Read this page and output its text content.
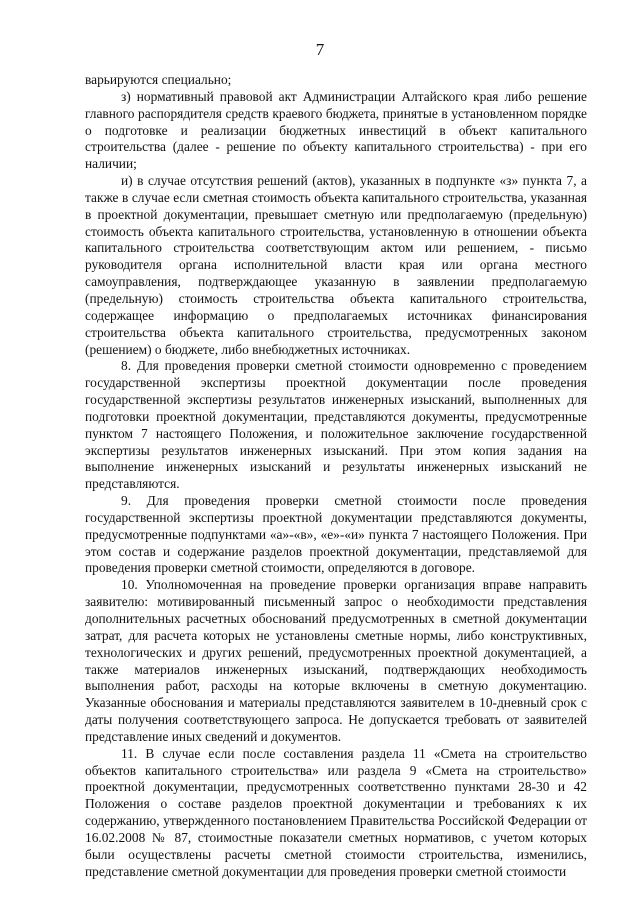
7

варьируются специально;

з) нормативный правовой акт Администрации Алтайского края либо решение главного распорядителя средств краевого бюджета, принятые в установленном порядке о подготовке и реализации бюджетных инвестиций в объект капитального строительства (далее - решение по объекту капитального строительства) - при его наличии;

и) в случае отсутствия решений (актов), указанных в подпункте «з» пункта 7, а также в случае если сметная стоимость объекта капитального строительства, указанная в проектной документации, превышает сметную или предполагаемую (предельную) стоимость объекта капитального строительства, установленную в отношении объекта капитального строительства соответствующим актом или решением, - письмо руководителя органа исполнительной власти края или органа местного самоуправления, подтверждающее указанную в заявлении предполагаемую (предельную) стоимость строительства объекта капитального строительства, содержащее информацию о предполагаемых источниках финансирования строительства объекта капитального строительства, предусмотренных законом (решением) о бюджете, либо внебюджетных источниках.

8. Для проведения проверки сметной стоимости одновременно с проведением государственной экспертизы проектной документации после проведения государственной экспертизы результатов инженерных изысканий, выполненных для подготовки проектной документации, представляются документы, предусмотренные пунктом 7 настоящего Положения, и положительное заключение государственной экспертизы результатов инженерных изысканий. При этом копия задания на выполнение инженерных изысканий и результаты инженерных изысканий не представляются.

9. Для проведения проверки сметной стоимости после проведения государственной экспертизы проектной документации представляются документы, предусмотренные подпунктами «а»-«в», «е»-«и» пункта 7 настоящего Положения. При этом состав и содержание разделов проектной документации, представляемой для проведения проверки сметной стоимости, определяются в договоре.

10. Уполномоченная на проведение проверки организация вправе направить заявителю: мотивированный письменный запрос о необходимости представления дополнительных расчетных обоснований предусмотренных в сметной документации затрат, для расчета которых не установлены сметные нормы, либо конструктивных, технологических и других решений, предусмотренных проектной документацией, а также материалов инженерных изысканий, подтверждающих необходимость выполнения работ, расходы на которые включены в сметную документацию. Указанные обоснования и материалы представляются заявителем в 10-дневный срок с даты получения соответствующего запроса. Не допускается требовать от заявителей представление иных сведений и документов.

11. В случае если после составления раздела 11 «Смета на строительство объектов капитального строительства» или раздела 9 «Смета на строительство» проектной документации, предусмотренных соответственно пунктами 28-30 и 42 Положения о составе разделов проектной документации и требованиях к их содержанию, утвержденного постановлением Правительства Российской Федерации от 16.02.2008 № 87, стоимостные показатели сметных нормативов, с учетом которых были осуществлены расчеты сметной стоимости строительства, изменились, представление сметной документации для проведения проверки сметной стоимости
